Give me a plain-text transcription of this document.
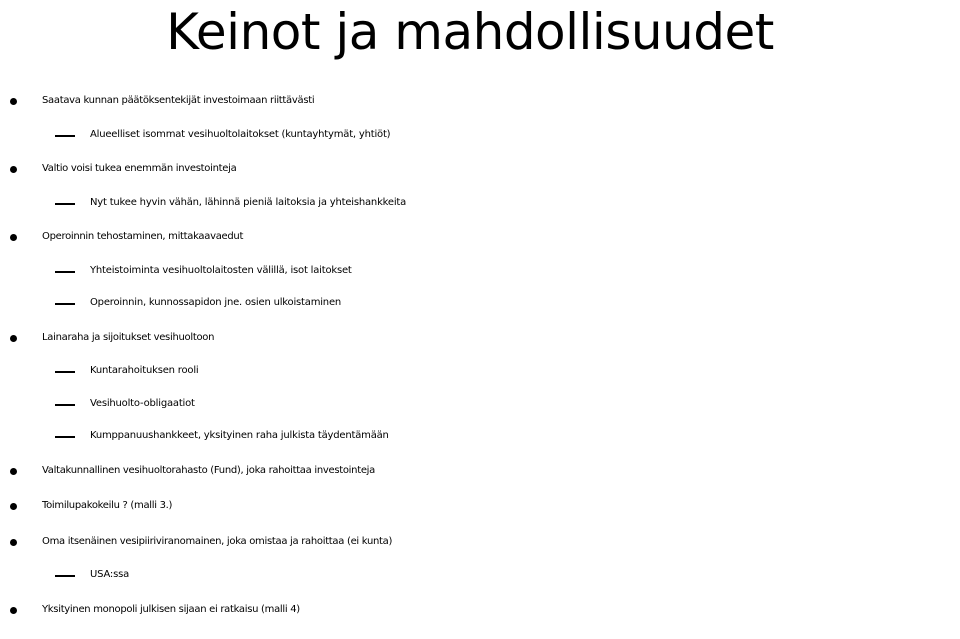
Keinot ja mahdollisuudet
Saatava kunnan päätöksentekijät investoimaan riittävästi
Alueelliset isommat vesihuoltolaitokset (kuntayhtymät, yhtiöt)
Valtio voisi tukea enemmän investointeja
Nyt tukee hyvin vähän, lähinnä pieniä laitoksia ja yhteishankkeita
Operoinnin tehostaminen, mittakaavaedut
Yhteistoiminta vesihuoltolaitosten välillä, isot laitokset
Operoinnin, kunnossapidon jne. osien ulkoistaminen
Lainaraha ja sijoitukset vesihuoltoon
Kuntarahoituksen rooli
Vesihuolto-obligaatiot
Kumppanuushankkeet, yksityinen raha julkista täydentämään
Valtakunnallinen vesihuoltorahasto (Fund), joka rahoittaa investointeja
Toimilupakokeilu ? (malli 3.)
Oma itsenäinen vesipiiriviranomainen, joka omistaa ja rahoittaa (ei kunta)
USA:ssa
Yksityinen monopoli julkisen sijaan ei ratkaisu (malli 4)
